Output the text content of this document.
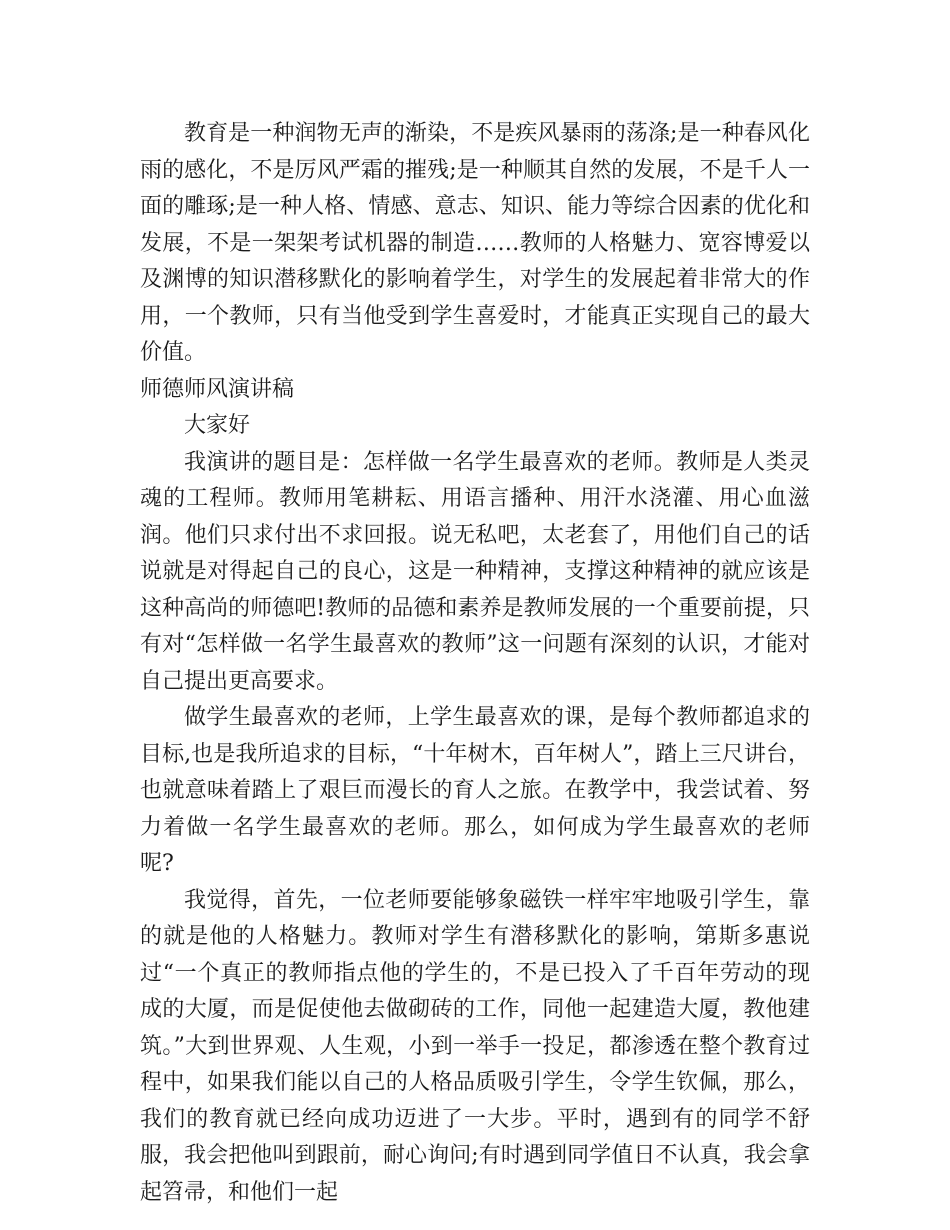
教育是一种润物无声的渐染，不是疾风暴雨的荡涤;是一种春风化雨的感化，不是厉风严霜的摧残;是一种顺其自然的发展，不是千人一面的雕琢;是一种人格、情感、意志、知识、能力等综合因素的优化和发展，不是一架架考试机器的制造……教师的人格魅力、宽容博爱以及渊博的知识潜移默化的影响着学生，对学生的发展起着非常大的作用，一个教师，只有当他受到学生喜爱时，才能真正实现自己的最大价值。

师德师风演讲稿

大家好

我演讲的题目是：怎样做一名学生最喜欢的老师。教师是人类灵魂的工程师。教师用笔耕耘、用语言播种、用汗水浇灌、用心血滋润。他们只求付出不求回报。说无私吧，太老套了，用他们自己的话说就是对得起自己的良心，这是一种精神，支撑这种精神的就应该是这种高尚的师德吧!教师的品德和素养是教师发展的一个重要前提，只有对“怎样做一名学生最喜欢的教师”这一问题有深刻的认识，才能对自己提出更高要求。

做学生最喜欢的老师，上学生最喜欢的课，是每个教师都追求的目标,也是我所追求的目标，“十年树木，百年树人”，踏上三尺讲台，也就意味着踏上了艰巨而漫长的育人之旅。在教学中，我尝试着、努力着做一名学生最喜欢的老师。那么，如何成为学生最喜欢的老师呢?

我觉得，首先，一位老师要能够象磁铁一样牢牢地吸引学生，靠的就是他的人格魅力。教师对学生有潜移默化的影响，第斯多惠说过“一个真正的教师指点他的学生的，不是已投入了千百年劳动的现成的大厦，而是促使他去做砌砖的工作，同他一起建造大厦，教他建筑。”大到世界观、人生观，小到一举手一投足，都渗透在整个教育过程中，如果我们能以自己的人格品质吸引学生，令学生钦佩，那么，我们的教育就已经向成功迈进了一大步。平时，遇到有的同学不舒服，我会把他叫到跟前，耐心询问;有时遇到同学值日不认真，我会拿起笤帚，和他们一起
